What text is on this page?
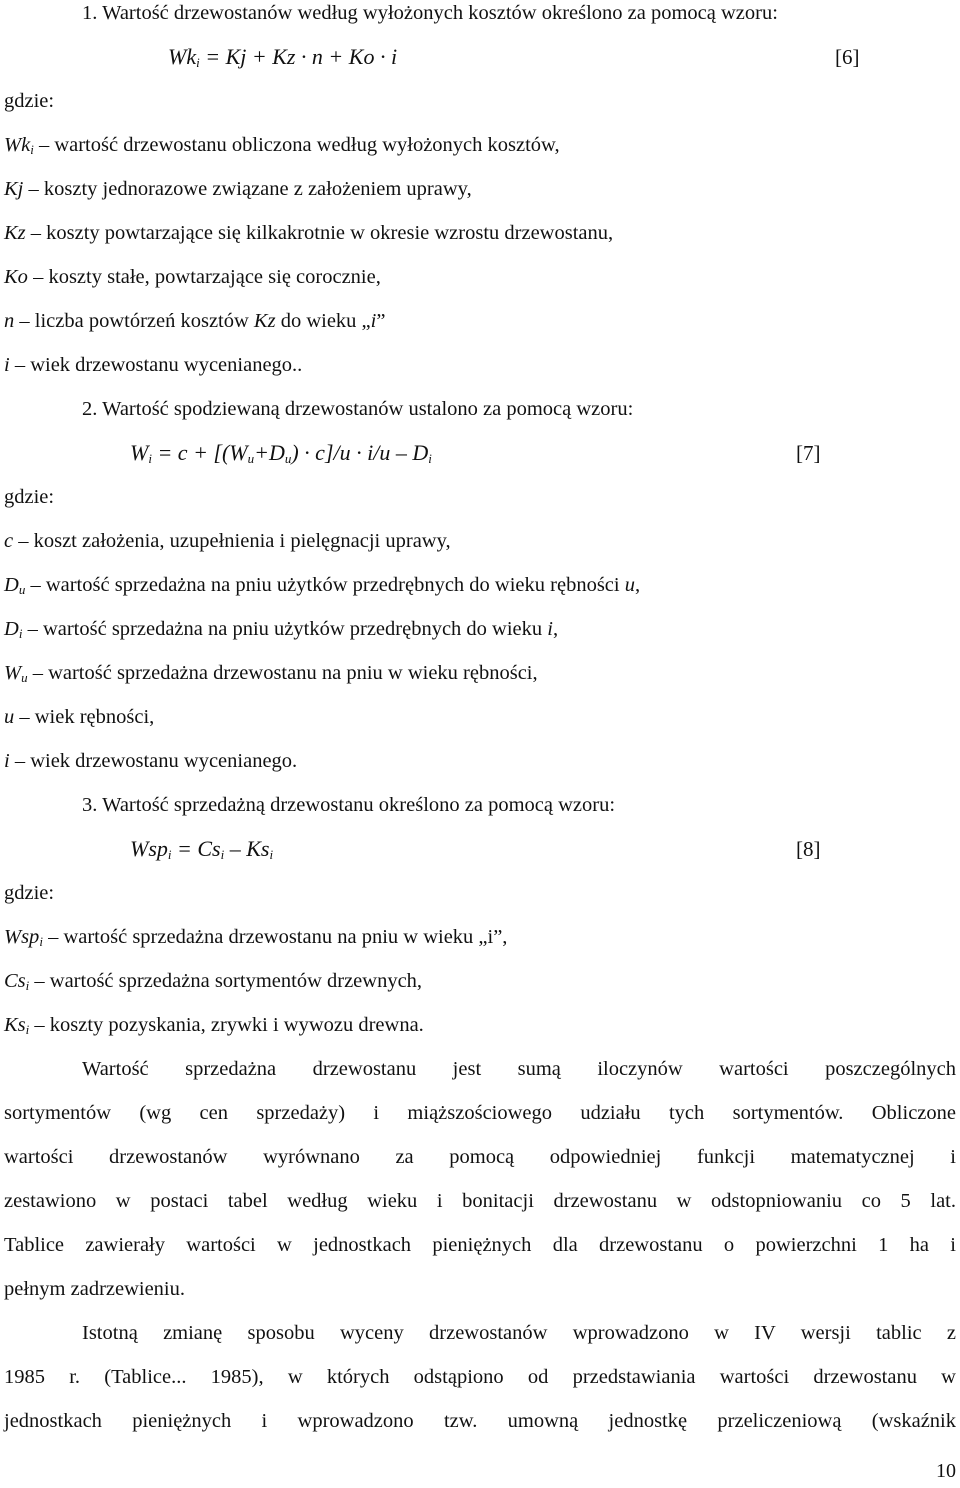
1. Wartość drzewostanów według wyłożonych kosztów określono za pomocą wzoru:
$Wk_i = Kj + Kz \cdot n + Ko \cdot i$	[6]
gdzie:
$Wk_i$ – wartość drzewostanu obliczona według wyłożonych kosztów,
Kj – koszty jednorazowe związane z założeniem uprawy,
Kz – koszty powtarzające się kilkakrotnie w okresie wzrostu drzewostanu,
Ko – koszty stałe, powtarzające się corocznie,
n – liczba powtórzeń kosztów Kz do wieku „i”
i – wiek drzewostanu wycenianego..
2. Wartość spodziewaną drzewostanów ustalono za pomocą wzoru:
$W_i = c + [(W_u+D_u) \cdot c]/u \cdot i/u - D_i$	[7]
gdzie:
c – koszt założenia, uzupełnienia i pielęgnacji uprawy,
$D_u$ – wartość sprzedażna na pniu użytków przedrębnych do wieku rębności u,
$D_i$ – wartość sprzedażna na pniu użytków przedrębnych do wieku i,
$W_u$ – wartość sprzedażna drzewostanu na pniu w wieku rębności,
u – wiek rębności,
i – wiek drzewostanu wycenianego.
3. Wartość sprzedażną drzewostanu określono za pomocą wzoru:
$Wsp_i = Cs_i - Ks_i$	[8]
gdzie:
Wsp$_i$ – wartość sprzedażna drzewostanu na pniu w wieku „i”,
$Cs_i$ – wartość sprzedażna sortymentów drzewnych,
$Ks_i$ – koszty pozyskania, zrywki i wywozu drewna.
Wartość sprzedażna drzewostanu jest sumą iloczynów wartości poszczególnych
sortymentów (wg cen sprzedaży) i miąższościowego udziału tych sortymentów. Obliczone
wartości drzewostanów wyrównano za pomocą odpowiedniej funkcji matematycznej i
zestawiono w postaci tabel według wieku i bonitacji drzewostanu w odstopniowaniu co 5 lat.
Tablice zawierały wartości w jednostkach pieniężnych dla drzewostanu o powierzchni 1 ha i
pełnym zadrzewieniu.
Istotną zmianę sposobu wyceny drzewostanów wprowadzono w IV wersji tablic z
1985 r. (Tablice... 1985), w których odstąpiono od przedstawiania wartości drzewostanu w
jednostkach pieniężnych i wprowadzono tzw. umowną jednostkę przeliczeniową (wskaźnik
10
